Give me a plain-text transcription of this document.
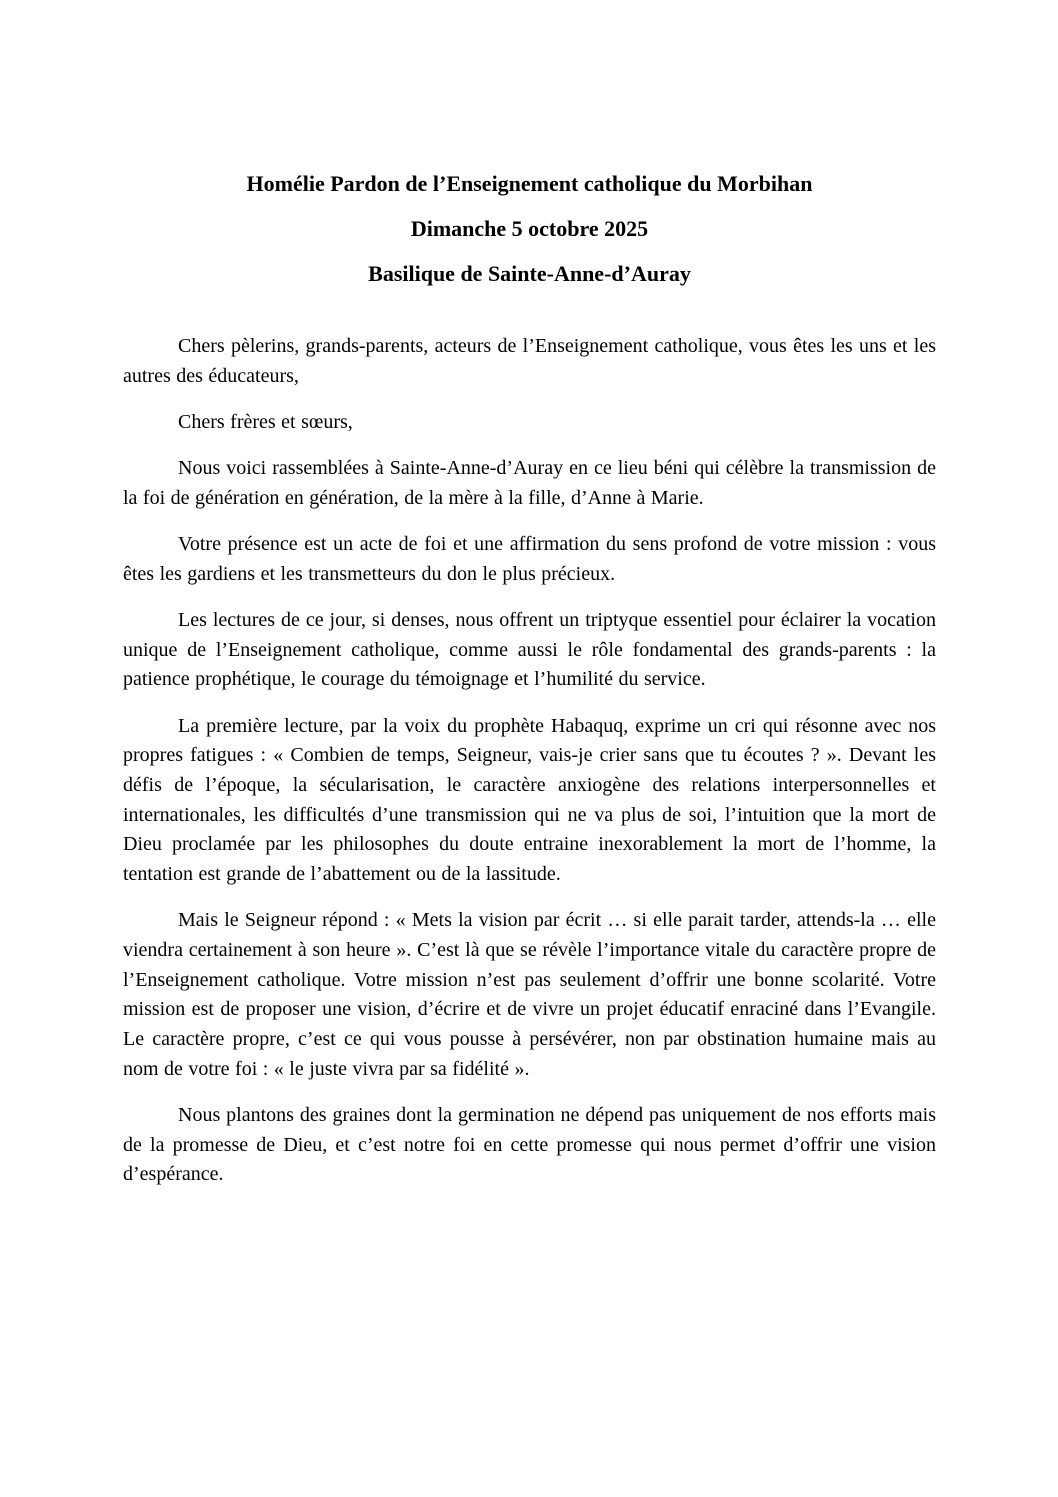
Homélie Pardon de l’Enseignement catholique du Morbihan
Dimanche 5 octobre 2025
Basilique de Sainte-Anne-d’Auray

Chers pèlerins, grands-parents, acteurs de l’Enseignement catholique, vous êtes les uns et les autres des éducateurs,

Chers frères et sœurs,

Nous voici rassemblées à Sainte-Anne-d’Auray en ce lieu béni qui célèbre la transmission de la foi de génération en génération, de la mère à la fille, d’Anne à Marie.

Votre présence est un acte de foi et une affirmation du sens profond de votre mission : vous êtes les gardiens et les transmetteurs du don le plus précieux.

Les lectures de ce jour, si denses, nous offrent un triptyque essentiel pour éclairer la vocation unique de l’Enseignement catholique, comme aussi le rôle fondamental des grands-parents : la patience prophétique, le courage du témoignage et l’humilité du service.

La première lecture, par la voix du prophète Habaquq, exprime un cri qui résonne avec nos propres fatigues : « Combien de temps, Seigneur, vais-je crier sans que tu écoutes ? ». Devant les défis de l’époque, la sécularisation, le caractère anxiogène des relations interpersonnelles et internationales, les difficultés d’une transmission qui ne va plus de soi, l’intuition que la mort de Dieu proclamée par les philosophes du doute entraine inexorablement la mort de l’homme, la tentation est grande de l’abattement ou de la lassitude.

Mais le Seigneur répond : « Mets la vision par écrit … si elle parait tarder, attends-la … elle viendra certainement à son heure ». C’est là que se révèle l’importance vitale du caractère propre de l’Enseignement catholique. Votre mission n’est pas seulement d’offrir une bonne scolarité. Votre mission est de proposer une vision, d’écrire et de vivre un projet éducatif enraciné dans l’Evangile. Le caractère propre, c’est ce qui vous pousse à persévérer, non par obstination humaine mais au nom de votre foi : « le juste vivra par sa fidélité ».

Nous plantons des graines dont la germination ne dépend pas uniquement de nos efforts mais de la promesse de Dieu, et c’est notre foi en cette promesse qui nous permet d’offrir une vision d’espérance.
